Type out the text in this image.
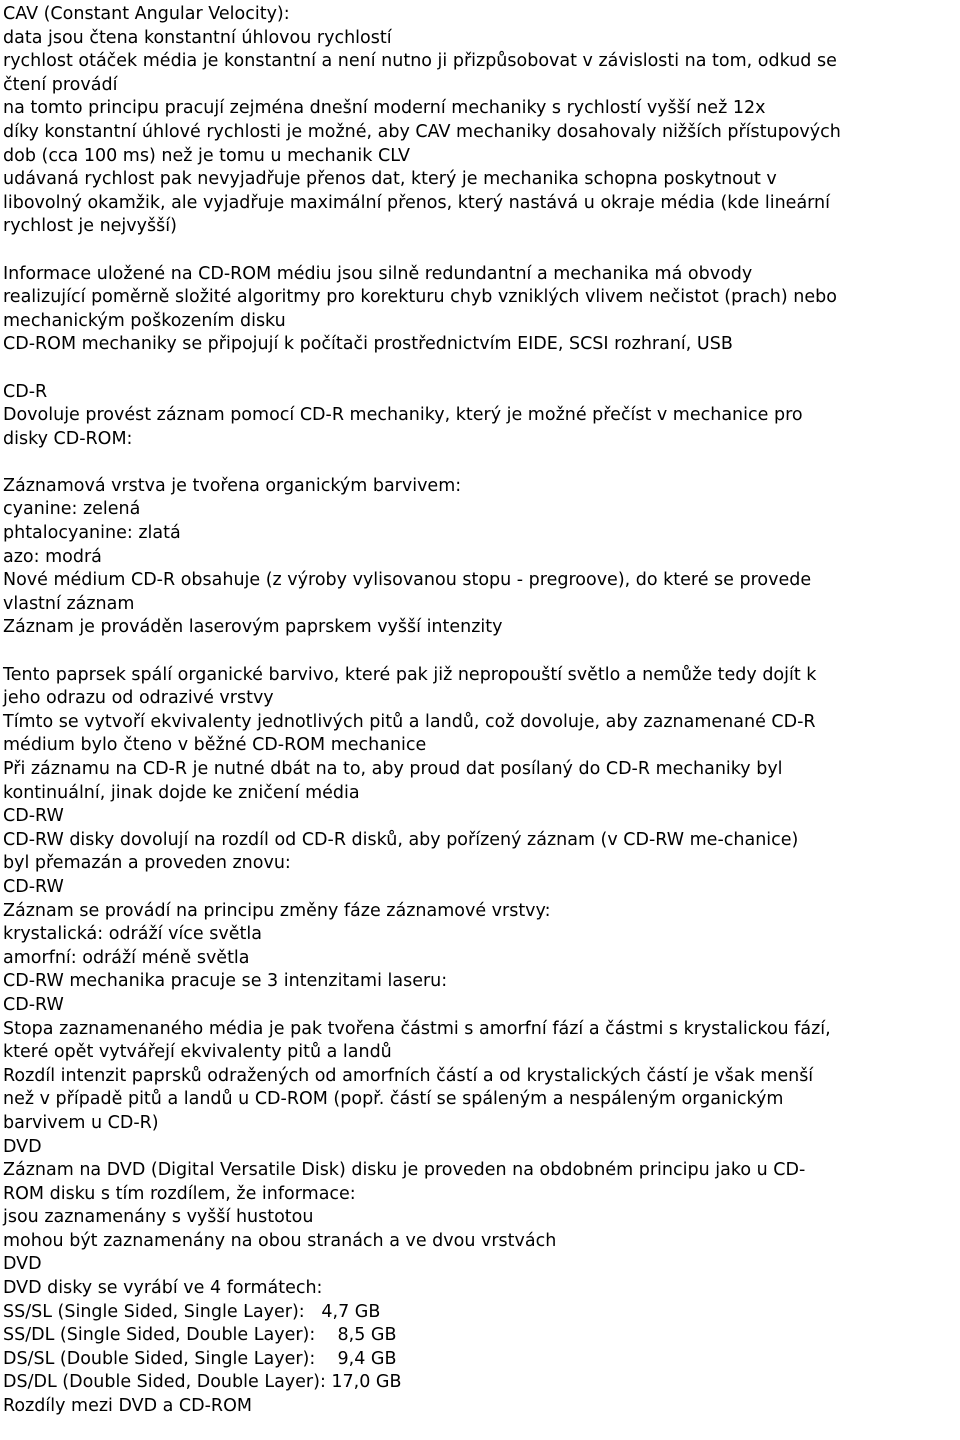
CAV (Constant Angular Velocity):
data jsou čtena konstantní úhlovou rychlostí
rychlost otáček média je konstantní a není nutno ji přizpůsobovat v závislosti na tom, odkud se
čtení provádí
na tomto principu pracují zejména dnešní moderní mechaniky s rychlostí vyšší než 12x
díky konstantní úhlové rychlosti je možné, aby CAV mechaniky dosahovaly nižších přístupových
dob (cca 100 ms) než je tomu u mechanik CLV
udávaná rychlost pak nevyjadřuje přenos dat, který je mechanika schopna poskytnout v
libovolný okamžik, ale vyjadřuje maximální přenos, který nastává u okraje média (kde lineární
rychlost je nejvyšší)
Informace uložené na CD-ROM médiu jsou silně redundantní a mechanika má obvody
realizující poměrně složité algoritmy pro korekturu chyb vzniklých vlivem nečistot (prach) nebo
mechanickým poškozením disku
CD-ROM mechaniky se připojují k počítači prostřednictvím EIDE, SCSI rozhraní, USB
CD-R
Dovoluje provést záznam pomocí CD-R mechaniky, který je možné přečíst v mechanice pro
disky CD-ROM:
Záznamová vrstva je tvořena organickým barvivem:
cyanine: zelená
phtalocyanine: zlatá
azo: modrá
Nové médium CD-R obsahuje (z výroby vylisovanou stopu - pregroove), do které se provede
vlastní záznam
Záznam je prováděn laserovým paprskem vyšší intenzity
Tento paprsek spálí organické barvivo, které pak již nepropouští světlo a nemůže tedy dojít k
jeho odrazu od odrazivé vrstvy
Tímto se vytvoří ekvivalenty jednotlivých pitů a landů, což dovoluje, aby zaznamenané CD-R
médium bylo čteno v běžné CD-ROM mechanice
Při záznamu na CD-R je nutné dbát na to, aby proud dat posílaný do CD-R mechaniky byl
kontinuální, jinak dojde ke zničení média
CD-RW
CD-RW disky dovolují na rozdíl od CD-R disků, aby pořízený záznam (v CD-RW me-chanice)
byl přemazán a proveden znovu:
CD-RW
Záznam se provádí na principu změny fáze záznamové vrstvy:
krystalická: odráží více světla
amorfní: odráží méně světla
CD-RW mechanika pracuje se 3 intenzitami laseru:
CD-RW
Stopa zaznamenaného média je pak tvořena částmi s amorfní fází a částmi s krystalickou fází,
které opět vytvářejí ekvivalenty pitů a landů
Rozdíl intenzit paprsků odražených od amorfních částí a od krystalických částí je však menší
než v případě pitů a landů u CD-ROM (popř. částí se spáleným a nespáleným organickým
barvivem u CD-R)
DVD
Záznam na DVD (Digital Versatile Disk) disku je proveden na obdobném principu jako u CD-
ROM disku s tím rozdílem, že informace:
jsou zaznamenány s vyšší hustotou
mohou být zaznamenány na obou stranách a ve dvou vrstvách
DVD
DVD disky se vyrábí ve 4 formátech:
SS/SL (Single Sided, Single Layer):   4,7 GB
SS/DL (Single Sided, Double Layer):    8,5 GB
DS/SL (Double Sided, Single Layer):    9,4 GB
DS/DL (Double Sided, Double Layer): 17,0 GB
Rozdíly mezi DVD a CD-ROM
